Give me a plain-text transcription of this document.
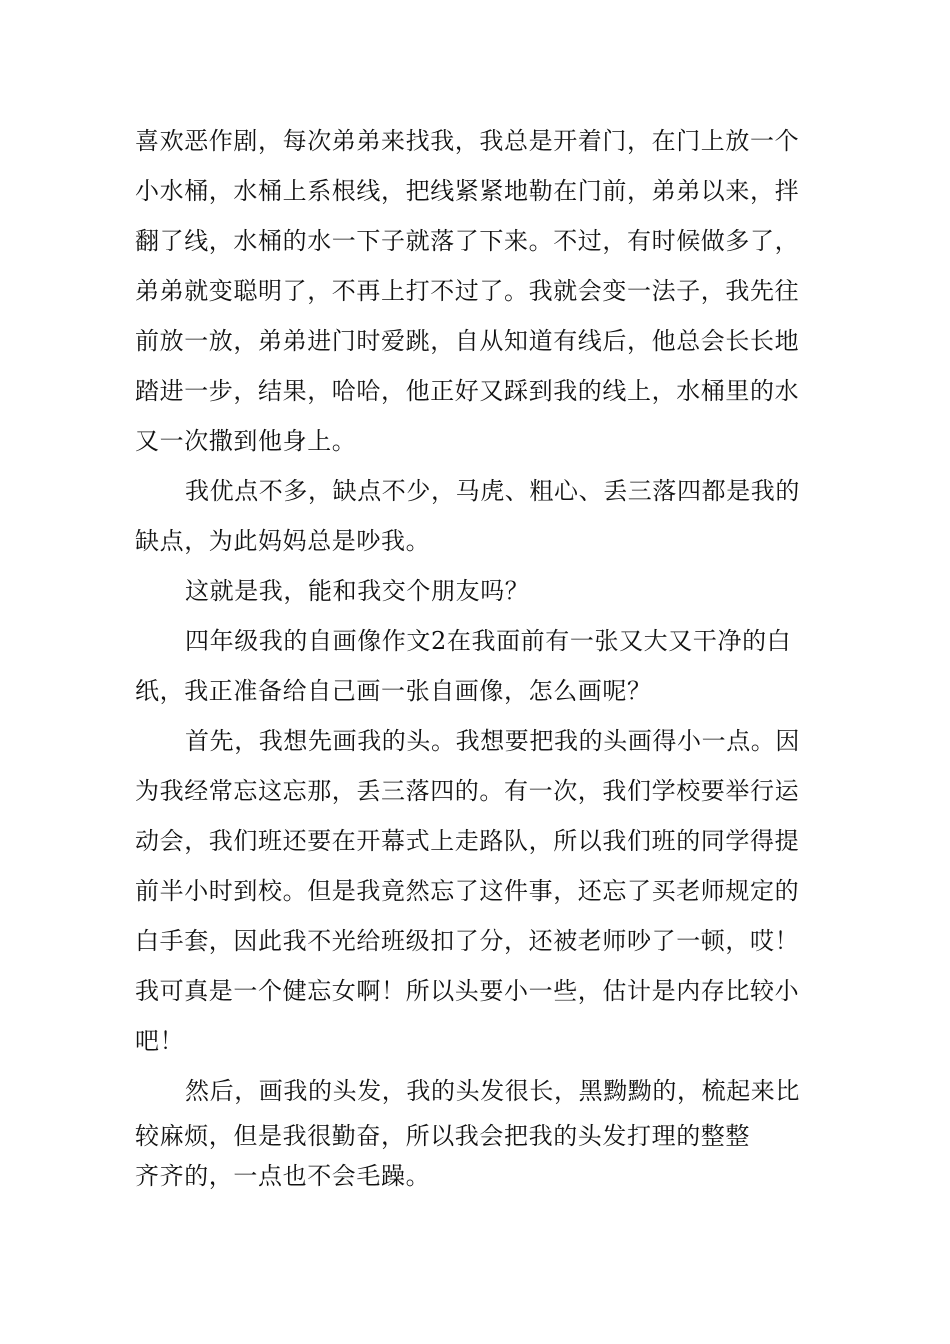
喜欢恶作剧，每次弟弟来找我，我总是开着门，在门上放一个
小水桶，水桶上系根线，把线紧紧地勒在门前，弟弟以来，拌
翻了线，水桶的水一下子就落了下来。不过，有时候做多了，
弟弟就变聪明了，不再上打不过了。我就会变一法子，我先往
前放一放，弟弟进门时爱跳，自从知道有线后，他总会长长地
踏进一步，结果，哈哈，他正好又踩到我的线上，水桶里的水
又一次撒到他身上。
我优点不多，缺点不少，马虎、粗心、丢三落四都是我的
缺点，为此妈妈总是吵我。
这就是我，能和我交个朋友吗？
四年级我的自画像作文2在我面前有一张又大又干净的白
纸，我正准备给自己画一张自画像，怎么画呢？
首先，我想先画我的头。我想要把我的头画得小一点。因
为我经常忘这忘那，丢三落四的。有一次，我们学校要举行运
动会，我们班还要在开幕式上走路队，所以我们班的同学得提
前半小时到校。但是我竟然忘了这件事，还忘了买老师规定的
白手套，因此我不光给班级扣了分，还被老师吵了一顿，哎！
我可真是一个健忘女啊！所以头要小一些，估计是内存比较小
吧！
然后，画我的头发，我的头发很长，黑黝黝的，梳起来比
较麻烦，但是我很勤奋，所以我会把我的头发打理的整整
齐齐的，一点也不会毛躁。
